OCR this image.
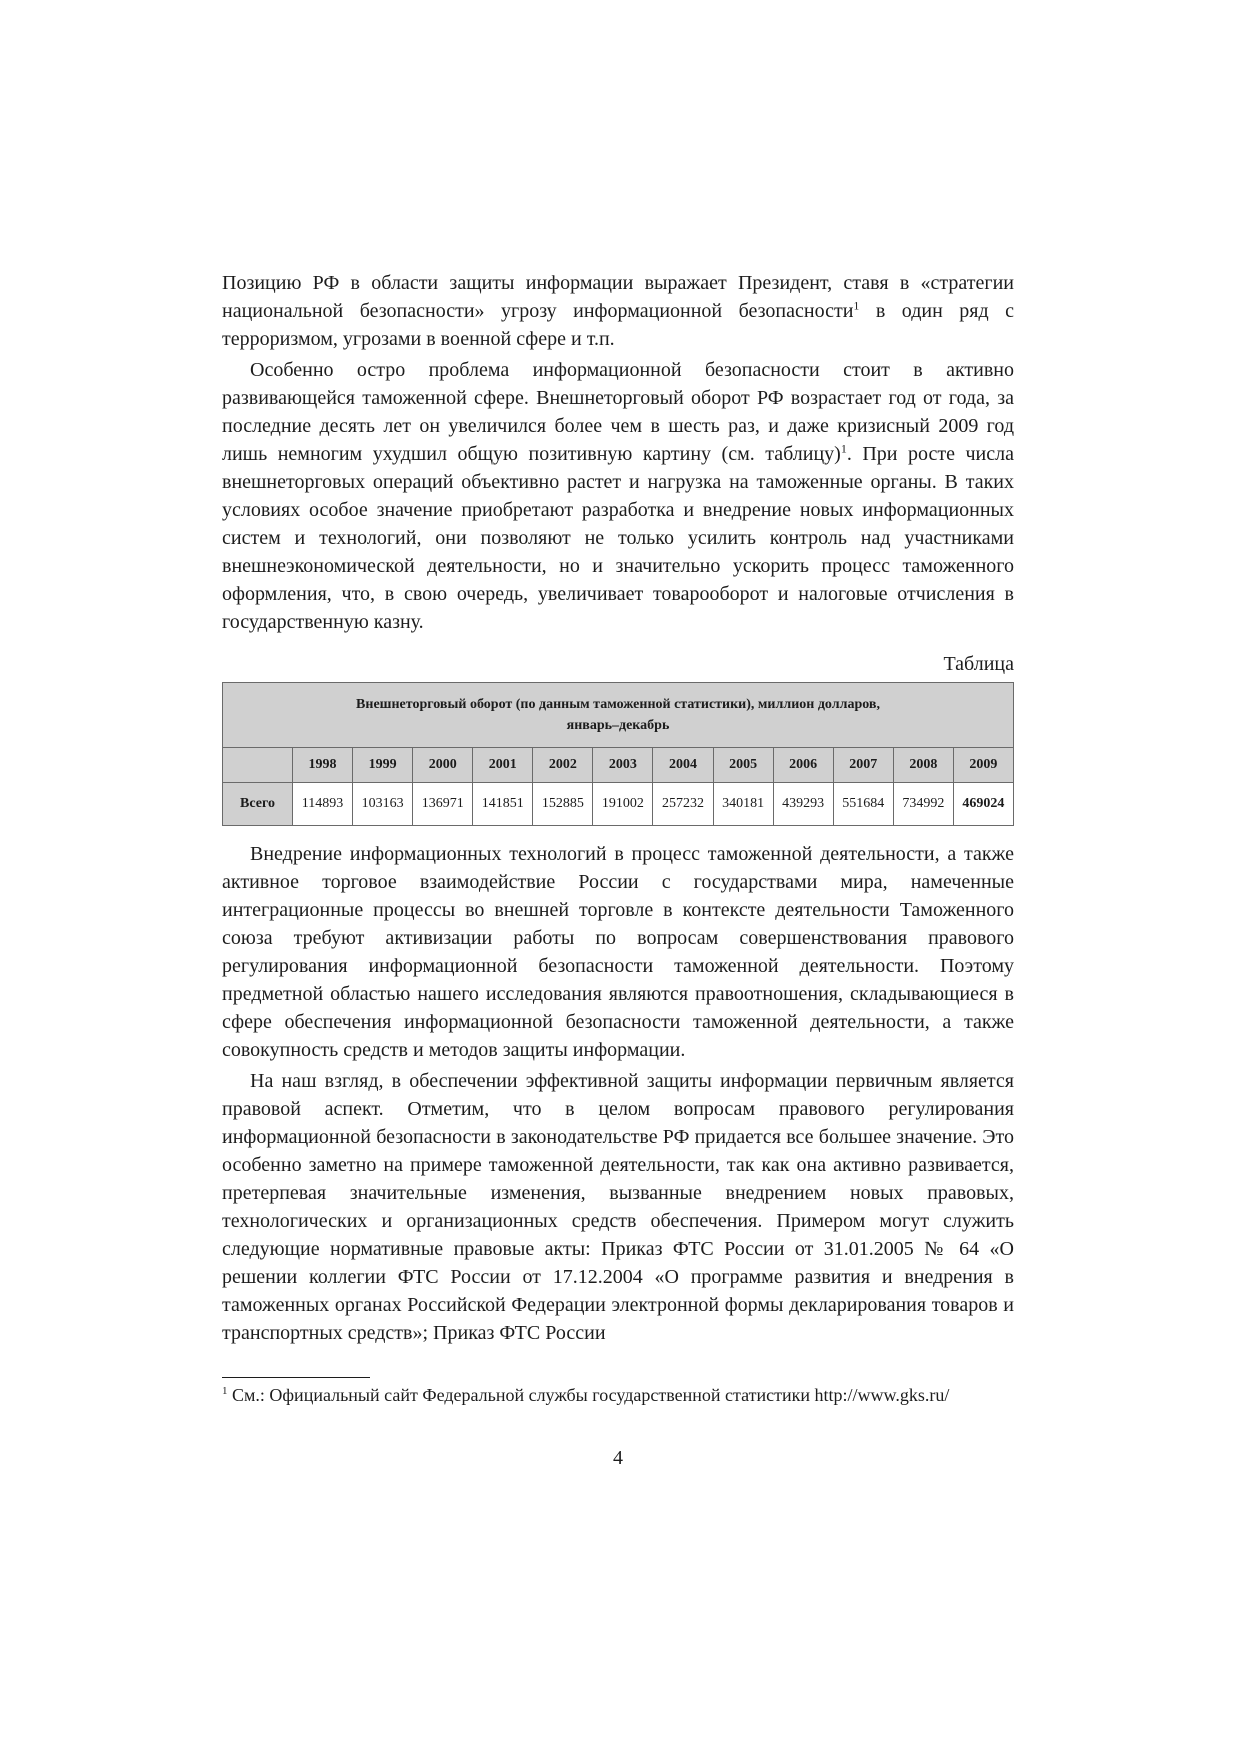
Позицию РФ в области защиты информации выражает Президент, ставя в «стратегии национальной безопасности» угрозу информационной безопасности$^1$ в один ряд с терроризмом, угрозами в военной сфере и т.п.

Особенно остро проблема информационной безопасности стоит в активно развивающейся таможенной сфере. Внешнеторговый оборот РФ возрастает год от года, за последние десять лет он увеличился более чем в шесть раз, и даже кризисный 2009 год лишь немногим ухудшил общую позитивную картину (см. таблицу)$^1$. При росте числа внешнеторговых операций объективно растет и нагрузка на таможенные органы. В таких условиях особое значение приобретают разработка и внедрение новых информационных систем и технологий, они позволяют не только усилить контроль над участниками внешнеэкономической деятельности, но и значительно ускорить процесс таможенного оформления, что, в свою очередь, увеличивает товарооборот и налоговые отчисления в государственную казну.

Таблица
Внешнеторговый оборот (по данным таможенной статистики), миллион долларов,
январь–декабрь												
	1998	1999	2000	2001	2002	2003	2004	2005	2006	2007	2008	2009
Всего	114893	103163	136971	141851	152885	191002	257232	340181	439293	551684	734992	469024

Внедрение информационных технологий в процесс таможенной деятельности, а также активное торговое взаимодействие России с государствами мира, намеченные интеграционные процессы во внешней торговле в контексте деятельности Таможенного союза требуют активизации работы по вопросам совершенствования правового регулирования информационной безопасности таможенной деятельности. Поэтому предметной областью нашего исследования являются правоотношения, складывающиеся в сфере обеспечения информационной безопасности таможенной деятельности, а также совокупность средств и методов защиты информации.

На наш взгляд, в обеспечении эффективной защиты информации первичным является правовой аспект. Отметим, что в целом вопросам правового регулирования информационной безопасности в законодательстве РФ придается все большее значение. Это особенно заметно на примере таможенной деятельности, так как она активно развивается, претерпевая значительные изменения, вызванные внедрением новых правовых, технологических и организационных средств обеспечения. Примером могут служить следующие нормативные правовые акты: Приказ ФТС России от 31.01.2005 № 64 «О решении коллегии ФТС России от 17.12.2004 «О программе развития и внедрения в таможенных органах Российской Федерации электронной формы декларирования товаров и транспортных средств»; Приказ ФТС России

$^1$ См.: Официальный сайт Федеральной службы государственной статистики http://www.gks.ru/
4
